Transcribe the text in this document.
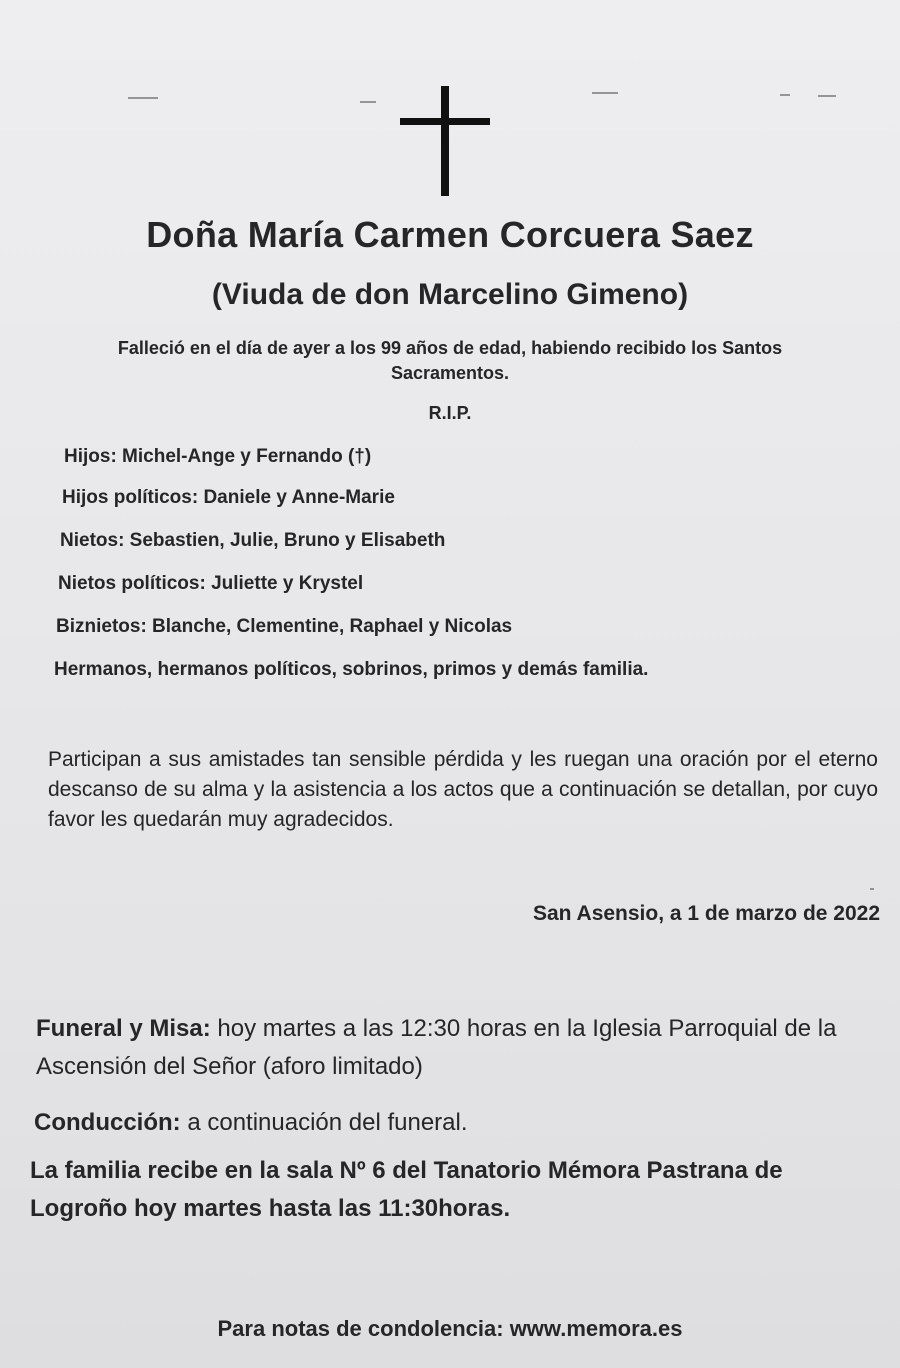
Doña María Carmen Corcuera Saez
(Viuda de don Marcelino Gimeno)
Falleció en el día de ayer a los 99 años de edad, habiendo recibido los Santos
Sacramentos.
R.I.P.
Hijos: Michel-Ange y Fernando (†)
Hijos políticos: Daniele y Anne-Marie
Nietos: Sebastien, Julie, Bruno y Elisabeth
Nietos políticos: Juliette y Krystel
Biznietos: Blanche, Clementine, Raphael y Nicolas
Hermanos, hermanos políticos, sobrinos, primos y demás familia.
Participan a sus amistades tan sensible pérdida y les ruegan una oración por el eterno descanso de su alma y la asistencia a los actos que a continuación se detallan, por cuyo favor les quedarán muy agradecidos.
San Asensio, a 1 de marzo de 2022
Funeral y Misa: hoy martes a las 12:30 horas en la Iglesia Parroquial de la Ascensión del Señor (aforo limitado)
Conducción: a continuación del funeral.
La familia recibe en la sala Nº 6 del Tanatorio Mémora Pastrana de Logroño hoy martes hasta las 11:30horas.
Para notas de condolencia: www.memora.es
